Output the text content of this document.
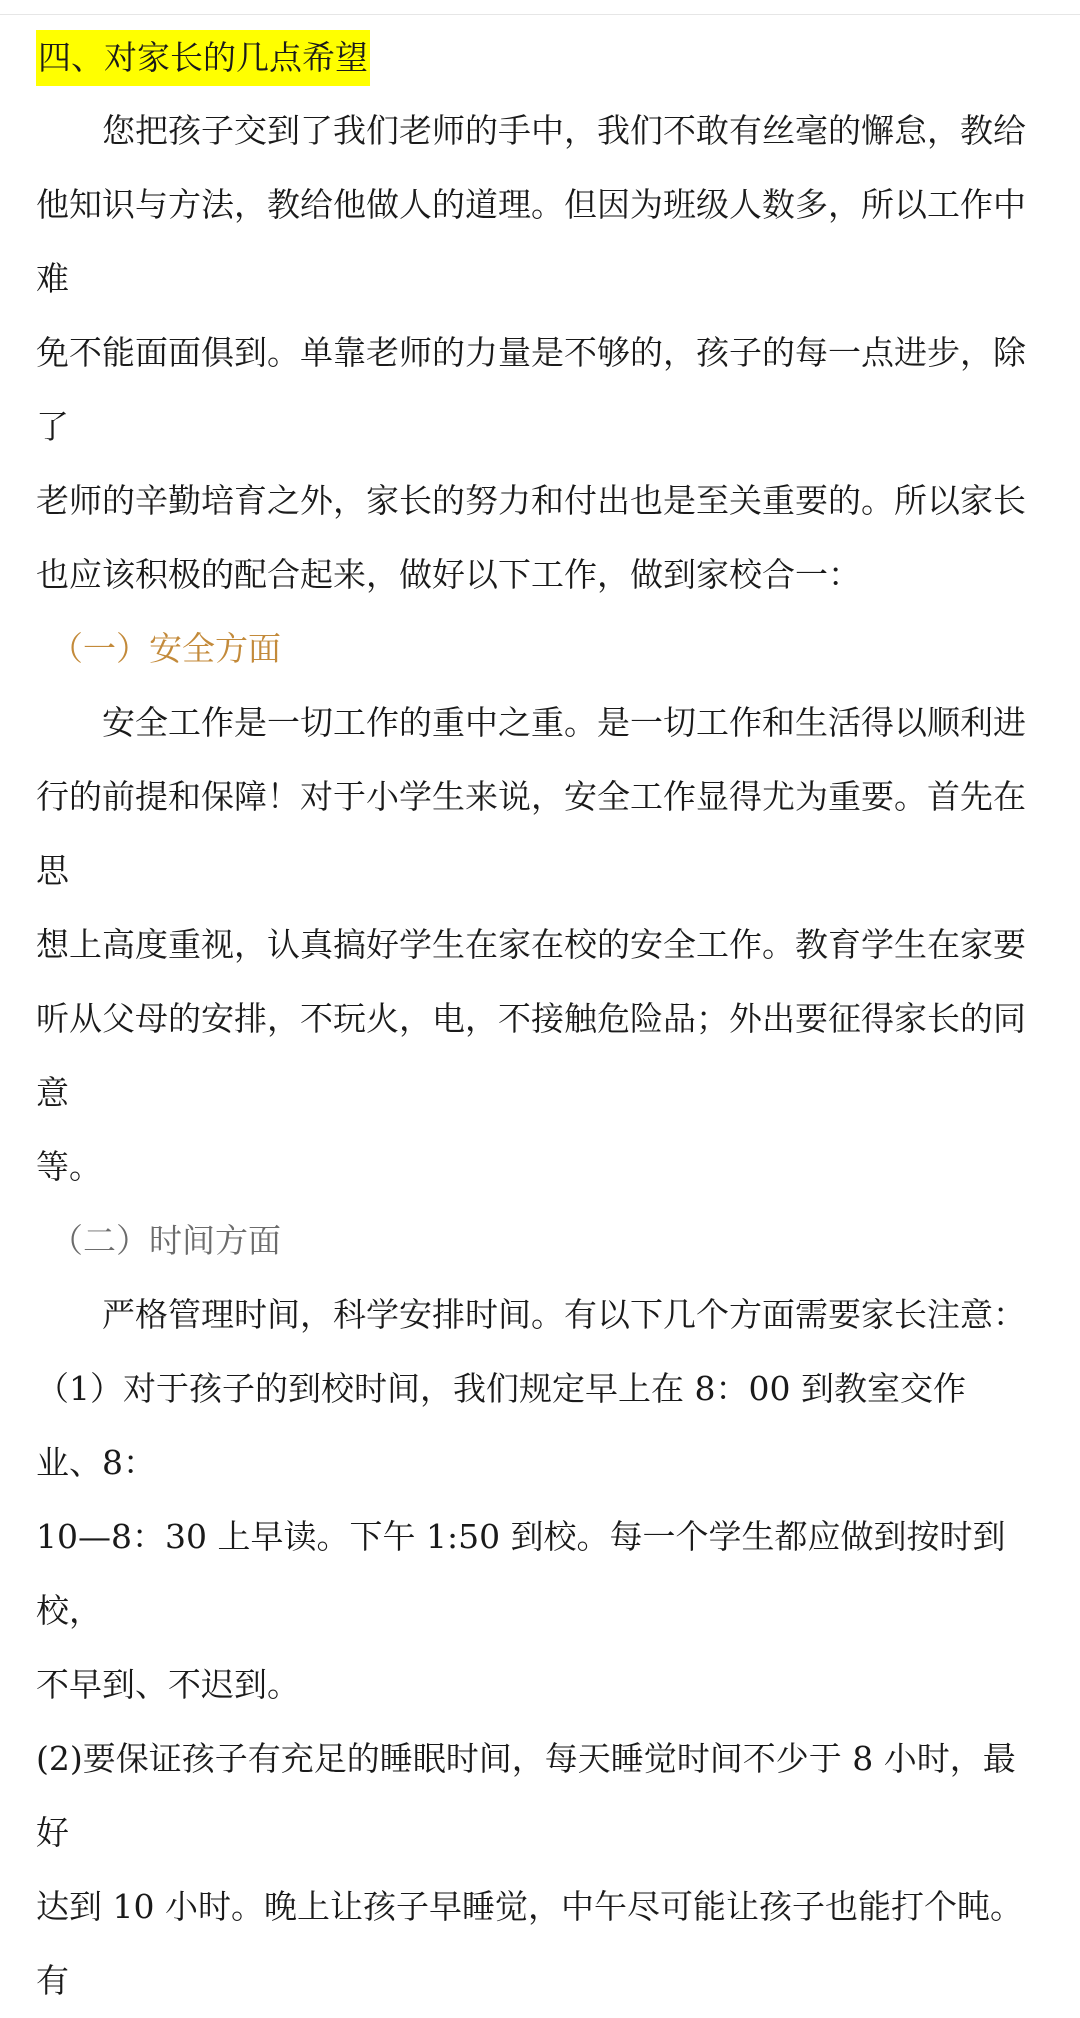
四、对家长的几点希望

您把孩子交到了我们老师的手中，我们不敢有丝毫的懈怠，教给

他知识与方法，教给他做人的道理。但因为班级人数多，所以工作中难

免不能面面俱到。单靠老师的力量是不够的，孩子的每一点进步，除了

老师的辛勤培育之外，家长的努力和付出也是至关重要的。所以家长

也应该积极的配合起来，做好以下工作，做到家校合一：

（一）安全方面

安全工作是一切工作的重中之重。是一切工作和生活得以顺利进

行的前提和保障！对于小学生来说，安全工作显得尤为重要。首先在思

想上高度重视，认真搞好学生在家在校的安全工作。教育学生在家要

听从父母的安排，不玩火，电，不接触危险品；外出要征得家长的同意

等。

（二）时间方面

严格管理时间，科学安排时间。有以下几个方面需要家长注意：

（1）对于孩子的到校时间，我们规定早上在 8：00 到教室交作业、8：

10—8：30 上早读。下午 1:50 到校。每一个学生都应做到按时到校，

不早到、不迟到。

(2)要保证孩子有充足的睡眠时间，每天睡觉时间不少于 8 小时，最好

达到 10 小时。晚上让孩子早睡觉，中午尽可能让孩子也能打个盹。有
